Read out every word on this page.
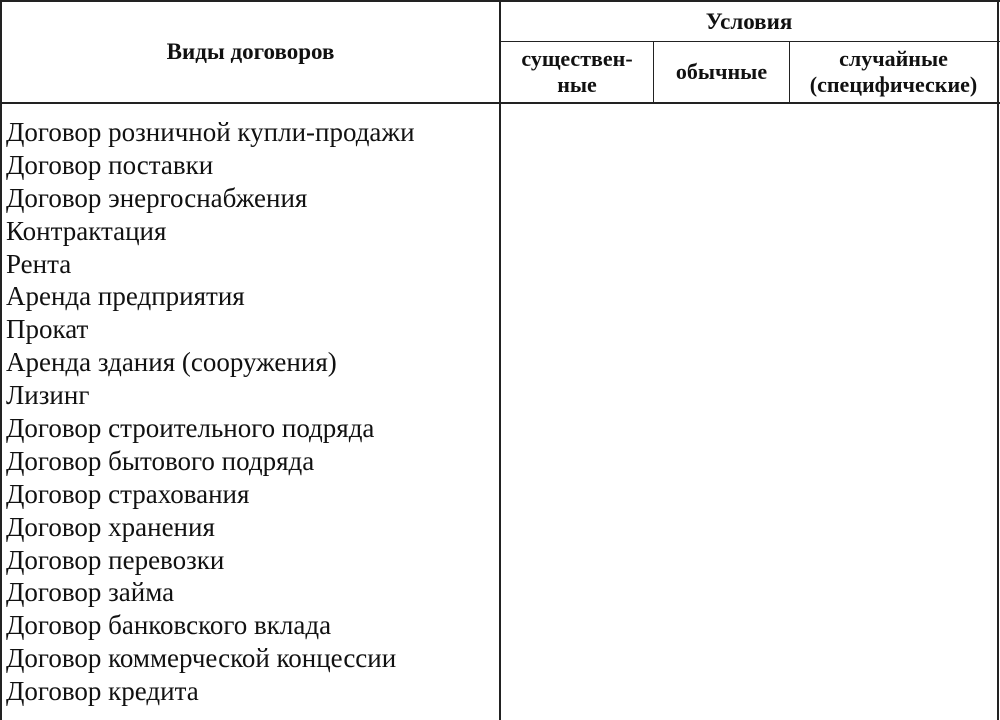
Виды договоров
Условия
существен-
ные
обычные
случайные
(специфические)
Договор розничной купли-продажи
Договор поставки
Договор энергоснабжения
Контрактация
Рента
Аренда предприятия
Прокат
Аренда здания (сооружения)
Лизинг
Договор строительного подряда
Договор бытового подряда
Договор страхования
Договор хранения
Договор перевозки
Договор займа
Договор банковского вклада
Договор коммерческой концессии
Договор кредита
